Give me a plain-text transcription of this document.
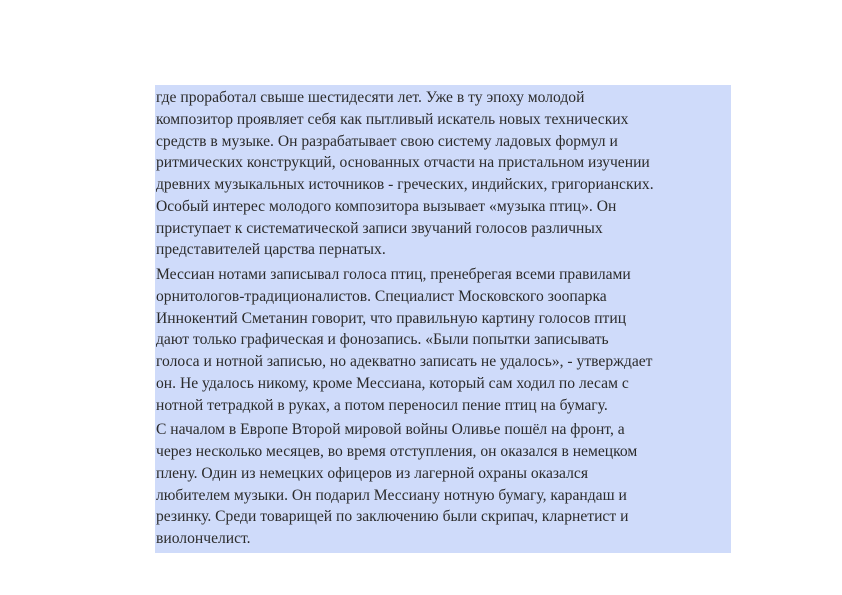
где проработал свыше шестидесяти лет. Уже в ту эпоху молодой
композитор проявляет себя как пытливый искатель новых технических
средств в музыке. Он разрабатывает свою систему ладовых формул и
ритмических конструкций, основанных отчасти на пристальном изучении
древних музыкальных источников - греческих, индийских, григорианских.
Особый интерес молодого композитора вызывает «музыка птиц». Он
приступает к систематической записи звучаний голосов различных
представителей царства пернатых.

Мессиан нотами записывал голоса птиц, пренебрегая всеми правилами
орнитологов-традиционалистов. Специалист Московского зоопарка
Иннокентий Сметанин говорит, что правильную картину голосов птиц
дают только графическая и фонозапись. «Были попытки записывать
голоса и нотной записью, но адекватно записать не удалось», - утверждает
он. Не удалось никому, кроме Мессиана, который сам ходил по лесам с
нотной тетрадкой в руках, а потом переносил пение птиц на бумагу.

С началом в Европе Второй мировой войны Оливье пошёл на фронт, а
через несколько месяцев, во время отступления, он оказался в немецком
плену. Один из немецких офицеров из лагерной охраны оказался
любителем музыки. Он подарил Мессиану нотную бумагу, карандаш и
резинку. Среди товарищей по заключению были скрипач, кларнетист и
виолончелист.
